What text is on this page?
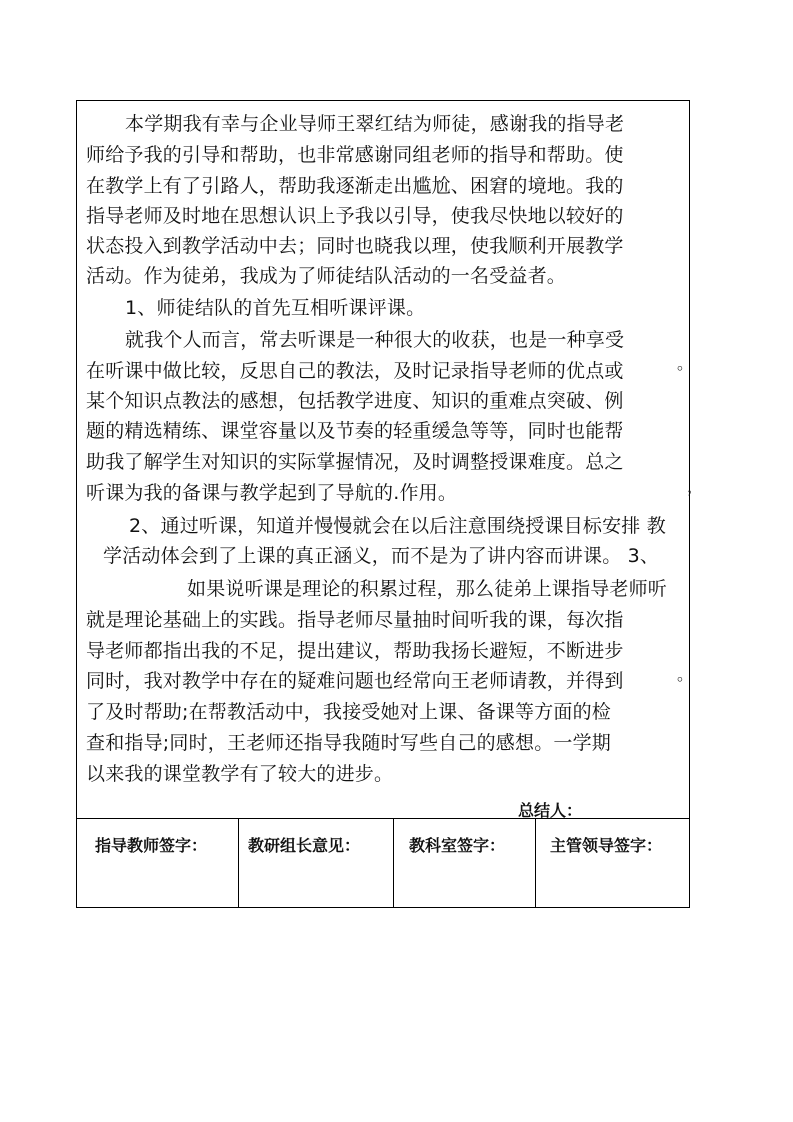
本学期我有幸与企业导师王翠红结为师徒，感谢我的指导老
师给予我的引导和帮助，也非常感谢同组老师的指导和帮助。使
在教学上有了引路人，帮助我逐渐走出尴尬、困窘的境地。我的
指导老师及时地在思想认识上予我以引导，使我尽快地以较好的
状态投入到教学活动中去；同时也晓我以理，使我顺利开展教学
活动。作为徒弟，我成为了师徒结队活动的一名受益者。
1、师徒结队的首先互相听课评课。
就我个人而言，常去听课是一种很大的收获，也是一种享受
在听课中做比较，反思自己的教法，及时记录指导老师的优点或
某个知识点教法的感想，包括教学进度、知识的重难点突破、例
题的精选精练、课堂容量以及节奏的轻重缓急等等，同时也能帮
助我了解学生对知识的实际掌握情况，及时调整授课难度。总之
听课为我的备课与教学起到了导航的.作用。
2、通过听课，知道并慢慢就会在以后注意围绕授课目标安排 教
学活动体会到了上课的真正涵义，而不是为了讲内容而讲课。 3、
如果说听课是理论的积累过程，那么徒弟上课指导老师听
就是理论基础上的实践。指导老师尽量抽时间听我的课，每次指
导老师都指出我的不足，提出建议，帮助我扬长避短，不断进步
同时，我对教学中存在的疑难问题也经常向王老师请教，并得到
了及时帮助;在帮教活动中，我接受她对上课、备课等方面的检
查和指导;同时，王老师还指导我随时写些自己的感想。一学期
以来我的课堂教学有了较大的进步。
。
，
。
总结人：
指导教师签字：	教研组长意见：	教科室签字：	主管领导签字：
